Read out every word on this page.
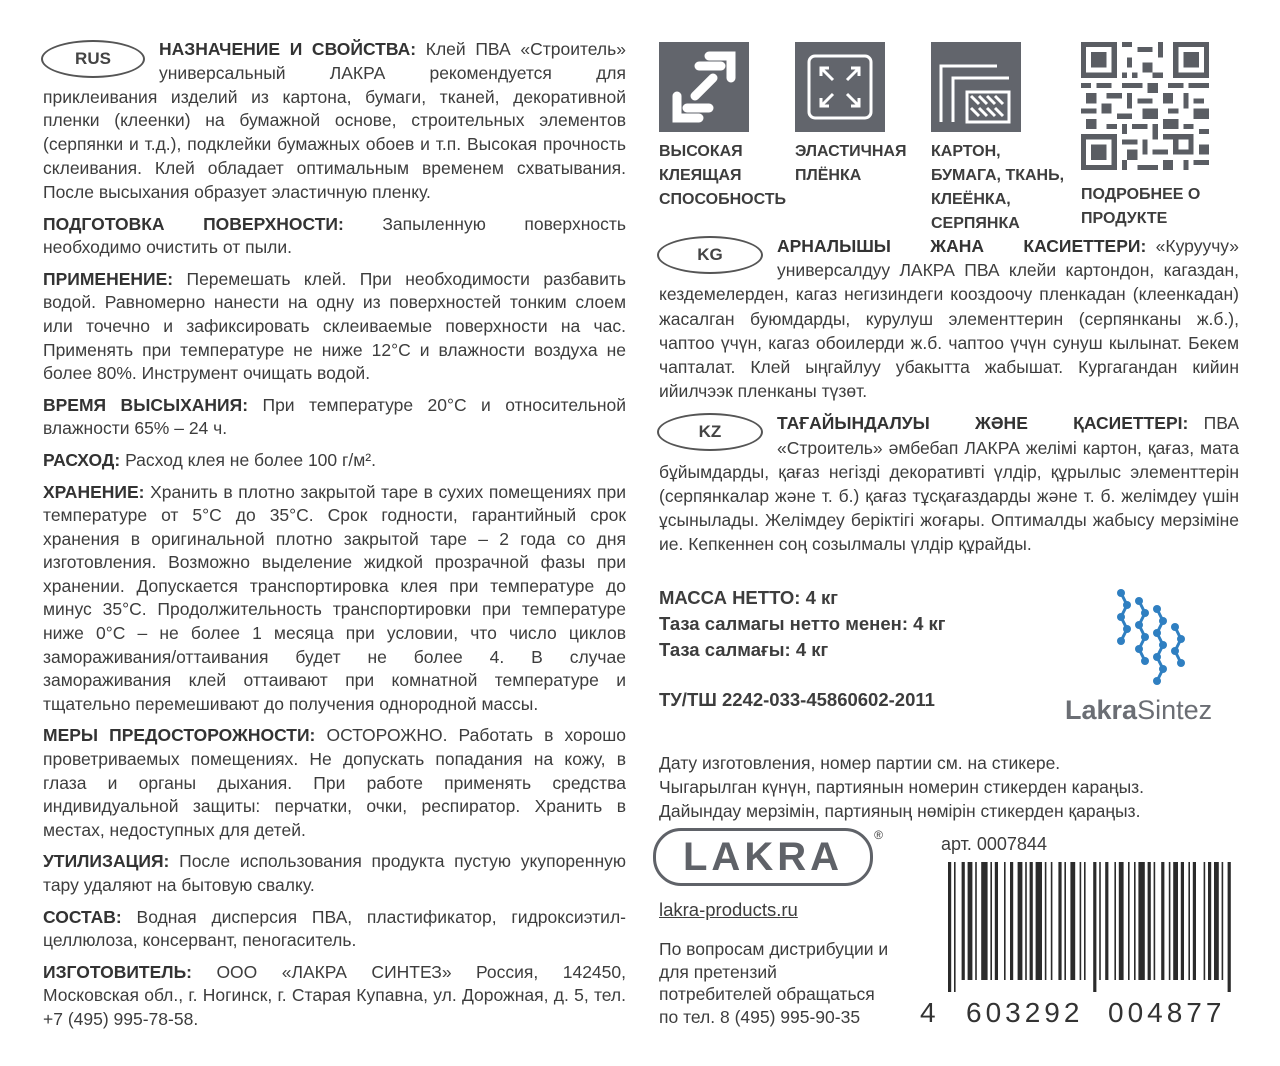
RUS	НАЗНАЧЕНИЕ И СВОЙСТВА: Клей ПВА «Строитель» универсальный ЛАКРА рекомендуется для приклеивания изделий из картона, бумаги, тканей, декоративной пленки (клеенки) на бумажной основе, строительных элементов (серпянки и т.д.), подклейки бумажных обоев и т.п. Высокая прочность склеивания. Клей обладает оптимальным временем схватывания. После высыхания образует эластичную пленку.

ПОДГОТОВКА ПОВЕРХНОСТИ: Запыленную поверхность необходимо очистить от пыли.

ПРИМЕНЕНИЕ: Перемешать клей. При необходимости разбавить водой. Равномерно нанести на одну из поверхностей тонким слоем или точечно и зафиксировать склеиваемые поверхности на час. Применять при температуре не ниже 12°С и влажности воздуха не более 80%. Инструмент очищать водой.

ВРЕМЯ ВЫСЫХАНИЯ: При температуре 20°С и относительной влажности 65% – 24 ч.

РАСХОД: Расход клея не более 100 г/м².

ХРАНЕНИЕ: Хранить в плотно закрытой таре в сухих помещениях при температуре от 5°С до 35°С. Срок годности, гарантийный срок хранения в оригинальной плотно закрытой таре – 2 года со дня изготовления. Возможно выделение жидкой прозрачной фазы при хранении. Допускается транспортировка клея при температуре до минус 35°С. Продолжительность транспортировки при температуре ниже 0°С – не более 1 месяца при условии, что число циклов замораживания/оттаивания будет не более 4. В случае замораживания клей оттаивают при комнатной температуре и тщательно перемешивают до получения однородной массы.

МЕРЫ ПРЕДОСТОРОЖНОСТИ: ОСТОРОЖНО. Работать в хорошо проветриваемых помещениях. Не допускать попадания на кожу, в глаза и органы дыхания. При работе применять средства индивидуальной защиты: перчатки, очки, респиратор. Хранить в местах, недоступных для детей.

УТИЛИЗАЦИЯ: После использования продукта пустую укупоренную тару удаляют на бытовую свалку.

СОСТАВ: Водная дисперсия ПВА, пластификатор, гидроксиэтил-целлюлоза, консервант, пеногаситель.

ИЗГОТОВИТЕЛЬ: ООО «ЛАКРА СИНТЕЗ» Россия, 142450, Московская обл., г. Ногинск, г. Старая Купавна, ул. Дорожная, д. 5, тел. +7 (495) 995-78-58.

ВЫСОКАЯ КЛЕЯЩАЯ СПОСОБНОСТЬ
ЭЛАСТИЧНАЯ ПЛЁНКА
КАРТОН, БУМАГА, ТКАНЬ, КЛЕЁНКА, СЕРПЯНКА
ПОДРОБНЕЕ О ПРОДУКТЕ

KG	АРНАЛЫШЫ ЖАНА КАСИЕТТЕРИ: «Куруучу» универсалдуу ЛАКРА ПВА клейи картондон, кагаздан, кездемелерден, кагаз негизиндеги кооздоочу пленкадан (клеенкадан) жасалган буюмдарды, курулуш элементтерин (серпянканы ж.б.), чаптоо үчүн, кагаз обоилерди ж.б. чаптоо үчүн сунуш кылынат. Бекем чапталат. Клей ыңгайлуу убакытта жабышат. Кургагандан кийин ийилчээк пленканы түзөт.

KZ	ТАҒАЙЫНДАЛУЫ ЖӘНЕ ҚАСИЕТТЕРІ: ПВА «Строитель» әмбебап ЛАКРА желімі картон, қағаз, мата бұйымдарды, қағаз негізді декоративті үлдір, құрылыс элементтерін (серпянкалар және т. б.) қағаз тұсқағаздарды және т. б. желімдеу үшін ұсынылады. Желімдеу беріктігі жоғары. Оптималды жабысу мерзіміне ие. Кепкеннен соң созылмалы үлдір құрайды.

МАССА НЕТТО: 4 кг

Таза салмагы нетто менен: 4 кг

Таза салмағы: 4 кг

ТУ/ТШ 2242-033-45860602-2011	LakraSintez

Дату изготовления, номер партии см. на стикере.

Чыгарылган күнүн, партиянын номерин стикерден караңыз.

Дайындау мерзімін, партияның нөмірін стикерден қараңыз.

LAKRA	®	арт. 0007844
lakra-products.ru
По вопросам дистрибуции и для претензий потребителей обращаться по тел. 8 (495) 995-90-35	4 603292 004877
